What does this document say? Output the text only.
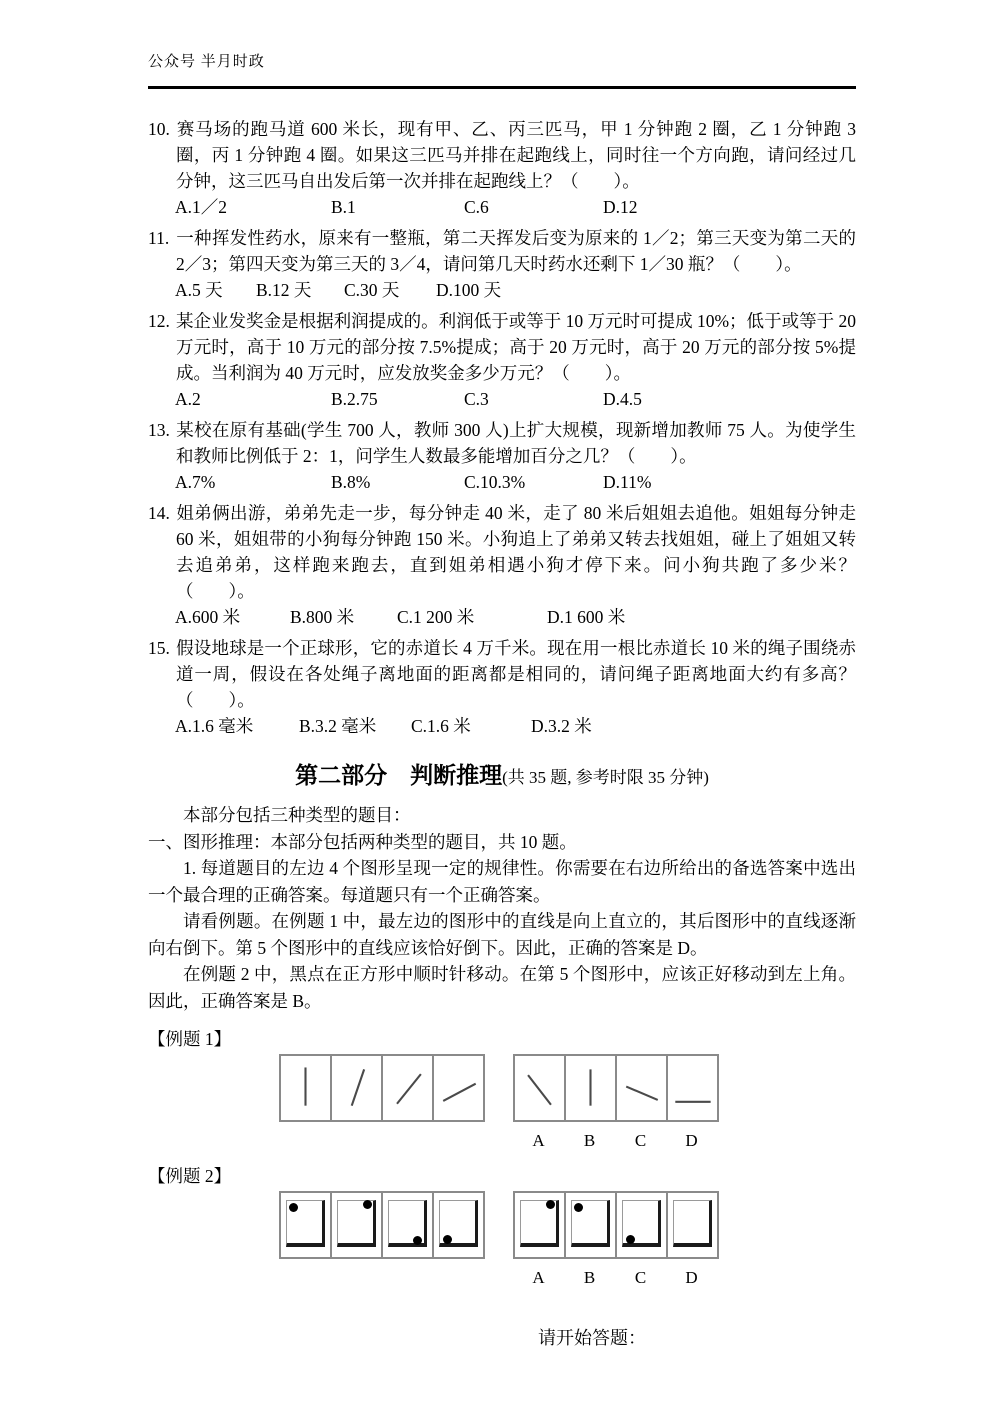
公众号 半月时政

10. 赛马场的跑马道 600 米长，现有甲、乙、丙三匹马，甲 1 分钟跑 2 圈，乙 1 分钟跑 3 圈，丙 1 分钟跑 4 圈。如果这三匹马并排在起跑线上，同时往一个方向跑，请问经过几分钟，这三匹马自出发后第一次并排在起跑线上？（　　）。

A.1／2	B.1	C.6	D.12

11. 一种挥发性药水，原来有一整瓶，第二天挥发后变为原来的 1／2；第三天变为第二天的 2／3；第四天变为第三天的 3／4，请问第几天时药水还剩下 1／30 瓶？（　　）。

A.5 天 B.12 天 C.30 天 D.100 天

12. 某企业发奖金是根据利润提成的。利润低于或等于 10 万元时可提成 10%；低于或等于 20 万元时，高于 10 万元的部分按 7.5%提成；高于 20 万元时，高于 20 万元的部分按 5%提成。当利润为 40 万元时，应发放奖金多少万元？（　　）。

A.2	B.2.75	C.3	D.4.5

13. 某校在原有基础(学生 700 人，教师 300 人)上扩大规模，现新增加教师 75 人。为使学生和教师比例低于 2：1，问学生人数最多能增加百分之几？（　　）。

A.7%	B.8%	C.10.3%	D.11%

14. 姐弟俩出游，弟弟先走一步，每分钟走 40 米，走了 80 米后姐姐去追他。姐姐每分钟走 60 米，姐姐带的小狗每分钟跑 150 米。小狗追上了弟弟又转去找姐姐，碰上了姐姐又转去追弟弟，这样跑来跑去，直到姐弟相遇小狗才停下来。问小狗共跑了多少米？（　　）。

A.600 米	B.800 米 C.1 200 米	D.1 600 米

15. 假设地球是一个正球形，它的赤道长 4 万千米。现在用一根比赤道长 10 米的绳子围绕赤道一周，假设在各处绳子离地面的距离都是相同的，请问绳子距离地面大约有多高？（　　）。

A.1.6 毫米	B.3.2 毫米 C.1.6 米	D.3.2 米
第二部分　判断推理(共 35 题, 参考时限 35 分钟)

本部分包括三种类型的题目：

一、图形推理：本部分包括两种类型的题目，共 10 题。

1. 每道题目的左边 4 个图形呈现一定的规律性。你需要在右边所给出的备选答案中选出一个最合理的正确答案。每道题只有一个正确答案。

请看例题。在例题 1 中，最左边的图形中的直线是向上直立的，其后图形中的直线逐渐向右倒下。第 5 个图形中的直线应该恰好倒下。因此，正确的答案是 D。

在例题 2 中，黑点在正方形中顺时针移动。在第 5 个图形中，应该正好移动到左上角。因此，正确答案是 B。

【例题 1】
A	B	C	D
【例题 2】
A	B	C	D
请开始答题：
